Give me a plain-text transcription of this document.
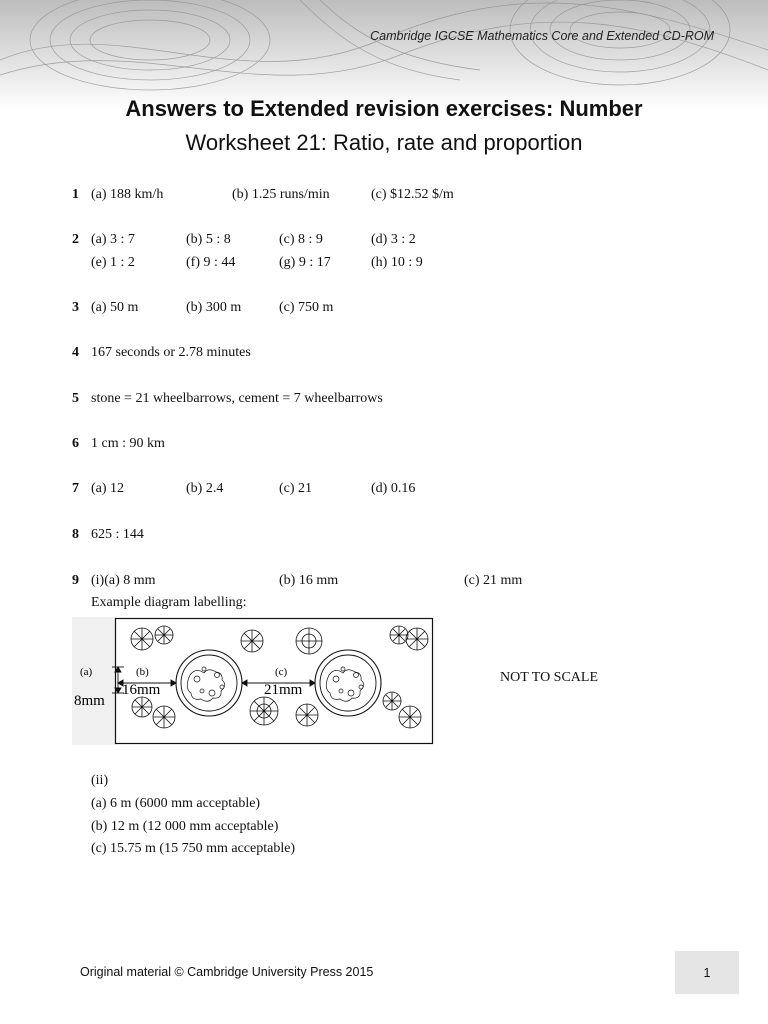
Cambridge IGCSE Mathematics Core and Extended CD-ROM
Answers to Extended revision exercises: Number
Worksheet 21: Ratio, rate and proportion
1 (a) 188 km/h	(b) 1.25 runs/min	(c) $12.52 $/m
2 (a) 3 : 7	(b) 5 : 8	(c) 8 : 9	(d) 3 : 2
(e) 1 : 2	(f) 9 : 44	(g) 9 : 17	(h) 10 : 9
3 (a) 50 m	(b) 300 m	(c) 750 m
4 167 seconds or 2.78 minutes
5 stone = 21 wheelbarrows, cement = 7 wheelbarrows
6 1 cm : 90 km
7 (a) 12	(b) 2.4	(c) 21	(d) 0.16
8 625 : 144
9 (i)(a) 8 mm	(b) 16 mm	(c) 21 mm
Example diagram labelling:
(a)	(b)	(c)
8mm
16mm	21mm
NOT TO SCALE
(ii)
(a) 6 m (6000 mm acceptable)
(b) 12 m (12 000 mm acceptable)
(c) 15.75 m (15 750 mm acceptable)
Original material © Cambridge University Press 2015	1
